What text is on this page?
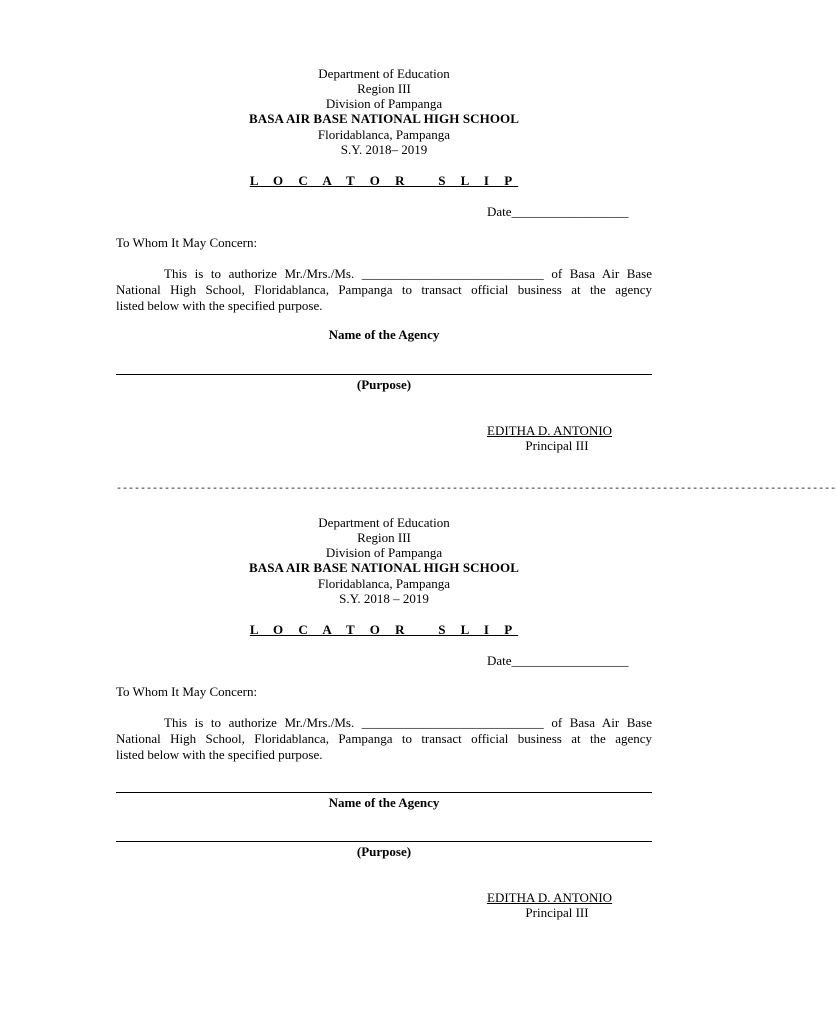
Department of Education
Region III
Division of Pampanga
BASA AIR BASE NATIONAL HIGH SCHOOL
Floridablanca, Pampanga
S.Y. 2018– 2019
L O C A T O R   S L I P
Date__________________
To Whom It May Concern:
This is to authorize Mr./Mrs./Ms. ____________________________ of Basa Air Base
National High School, Floridablanca, Pampanga to transact official business at the agency
listed below with the specified purpose.
Name of the Agency
(Purpose)
EDITHA D. ANTONIO
Principal III
------------------------------------------------------------------------------------------------------------------------
Department of Education
Region III
Division of Pampanga
BASA AIR BASE NATIONAL HIGH SCHOOL
Floridablanca, Pampanga
S.Y. 2018 – 2019
L O C A T O R   S L I P
Date__________________
To Whom It May Concern:
This is to authorize Mr./Mrs./Ms. ____________________________ of Basa Air Base
National High School, Floridablanca, Pampanga to transact official business at the agency
listed below with the specified purpose.
Name of the Agency
(Purpose)
EDITHA D. ANTONIO
Principal III
